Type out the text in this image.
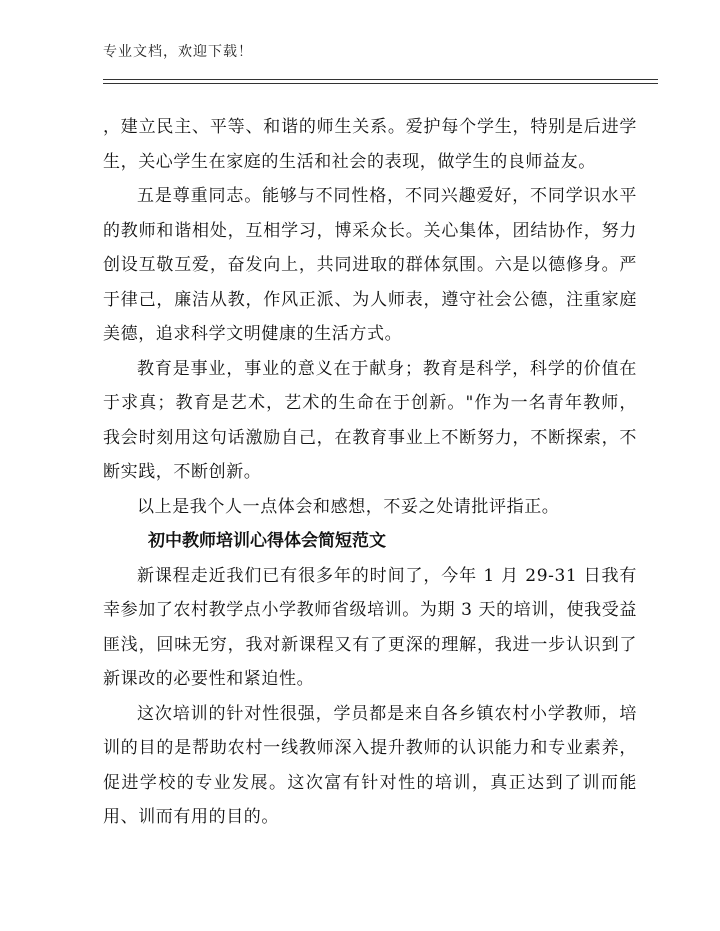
专业文档，欢迎下载！

，建立民主、平等、和谐的师生关系。爱护每个学生，特别是后进学生，关心学生在家庭的生活和社会的表现，做学生的良师益友。

五是尊重同志。能够与不同性格，不同兴趣爱好，不同学识水平的教师和谐相处，互相学习，博采众长。关心集体，团结协作，努力创设互敬互爱，奋发向上，共同进取的群体氛围。六是以德修身。严于律己，廉洁从教，作风正派、为人师表，遵守社会公德，注重家庭美德，追求科学文明健康的生活方式。

教育是事业，事业的意义在于献身；教育是科学，科学的价值在于求真；教育是艺术，艺术的生命在于创新。"作为一名青年教师，我会时刻用这句话激励自己，在教育事业上不断努力，不断探索，不断实践，不断创新。

以上是我个人一点体会和感想，不妥之处请批评指正。

初中教师培训心得体会简短范文

新课程走近我们已有很多年的时间了，今年 1 月 29-31 日我有幸参加了农村教学点小学教师省级培训。为期 3 天的培训，使我受益匪浅，回味无穷，我对新课程又有了更深的理解，我进一步认识到了新课改的必要性和紧迫性。

这次培训的针对性很强，学员都是来自各乡镇农村小学教师，培训的目的是帮助农村一线教师深入提升教师的认识能力和专业素养，促进学校的专业发展。这次富有针对性的培训，真正达到了训而能用、训而有用的目的。
